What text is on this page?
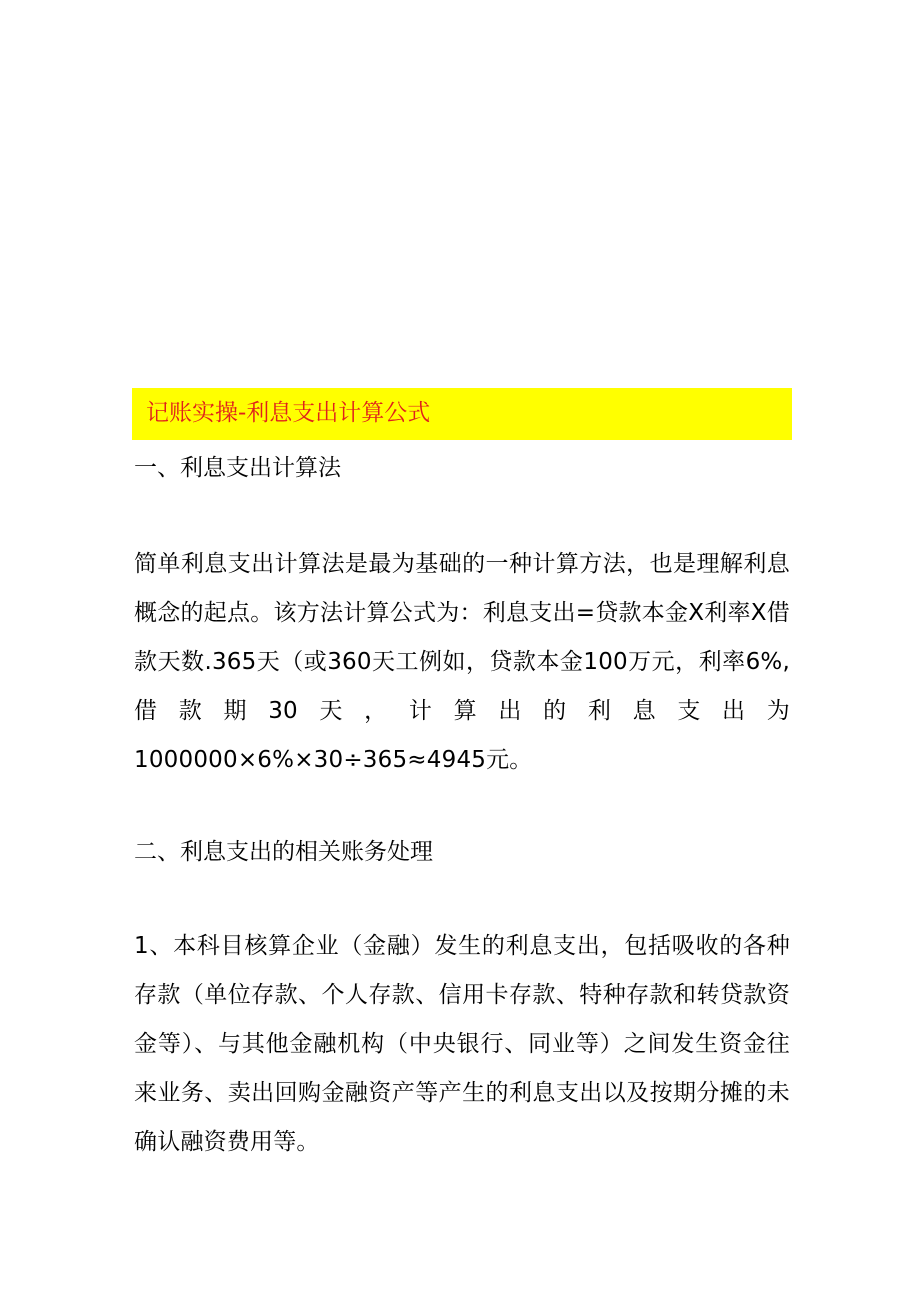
记账实操-利息支出计算公式
一、利息支出计算法
简单利息支出计算法是最为基础的一种计算方法，也是理解利息概念的起点。该方法计算公式为：利息支出=贷款本金X利率X借款天数.365天（或360天工例如，贷款本金100万元，利率6%,借款期30天，计算出的利息支出为1000000×6%×30÷365≈4945元。
二、利息支出的相关账务处理
1、本科目核算企业（金融）发生的利息支出，包括吸收的各种存款（单位存款、个人存款、信用卡存款、特种存款和转贷款资金等）、与其他金融机构（中央银行、同业等）之间发生资金往来业务、卖出回购金融资产等产生的利息支出以及按期分摊的未确认融资费用等。
